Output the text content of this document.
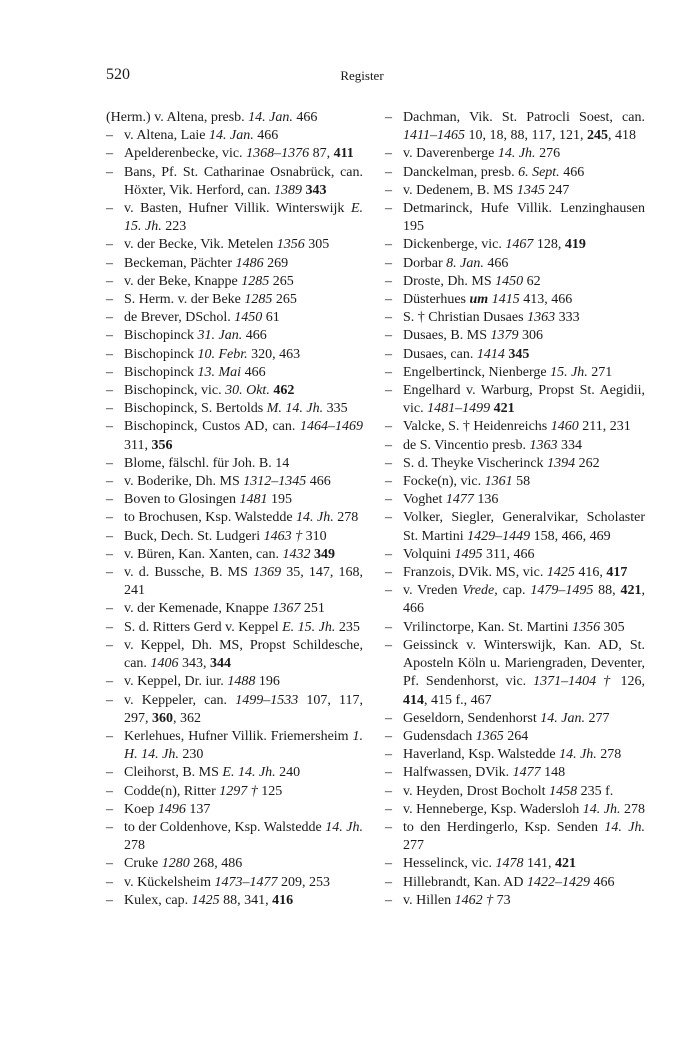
520	Register
(Herm.) v. Altena, presb. 14. Jan. 466
– v. Altena, Laie 14. Jan. 466
– Apelderenbecke, vic. 1368–1376 87, 411
– Bans, Pf. St. Catharinae Osnabrück, can. Höxter, Vik. Herford, can. 1389 343
– v. Basten, Hufner Villik. Winterswijk E. 15. Jh. 223
– v. der Becke, Vik. Metelen 1356 305
– Beckeman, Pächter 1486 269
– v. der Beke, Knappe 1285 265
– S. Herm. v. der Beke 1285 265
– de Brever, DSchol. 1450 61
– Bischopinck 31. Jan. 466
– Bischopinck 10. Febr. 320, 463
– Bischopinck 13. Mai 466
– Bischopinck, vic. 30. Okt. 462
– Bischopinck, S. Bertolds M. 14. Jh. 335
– Bischopinck, Custos AD, can. 1464–1469 311, 356
– Blome, fälschl. für Joh. B. 14
– v. Boderike, Dh. MS 1312–1345 466
– Boven to Glosingen 1481 195
– to Brochusen, Ksp. Walstedde 14. Jh. 278
– Buck, Dech. St. Ludgeri 1463 † 310
– v. Büren, Kan. Xanten, can. 1432 349
– v. d. Bussche, B. MS 1369 35, 147, 168, 241
– v. der Kemenade, Knappe 1367 251
– S. d. Ritters Gerd v. Keppel E. 15. Jh. 235
– v. Keppel, Dh. MS, Propst Schildesche, can. 1406 343, 344
– v. Keppel, Dr. iur. 1488 196
– v. Keppeler, can. 1499–1533 107, 117, 297, 360, 362
– Kerlehues, Hufner Villik. Friemersheim 1. H. 14. Jh. 230
– Cleihorst, B. MS E. 14. Jh. 240
– Codde(n), Ritter 1297 † 125
– Koep 1496 137
– to der Coldenhove, Ksp. Walstedde 14. Jh. 278
– Cruke 1280 268, 486
– v. Kückelsheim 1473–1477 209, 253
– Kulex, cap. 1425 88, 341, 416
– Dachman, Vik. St. Patrocli Soest, can. 1411–1465 10, 18, 88, 117, 121, 245, 418
– v. Daverenberge 14. Jh. 276
– Danckelman, presb. 6. Sept. 466
– v. Dedenem, B. MS 1345 247
– Detmarinck, Hufe Villik. Lenzinghausen 195
– Dickenberge, vic. 1467 128, 419
– Dorbar 8. Jan. 466
– Droste, Dh. MS 1450 62
– Düsterhues um 1415 413, 466
– S. † Christian Dusaes 1363 333
– Dusaes, B. MS 1379 306
– Dusaes, can. 1414 345
– Engelbertinck, Nienberge 15. Jh. 271
– Engelhard v. Warburg, Propst St. Aegidii, vic. 1481–1499 421
– Valcke, S. † Heidenreichs 1460 211, 231
– de S. Vincentio presb. 1363 334
– S. d. Theyke Vischerinck 1394 262
– Focke(n), vic. 1361 58
– Voghet 1477 136
– Volker, Siegler, Generalvikar, Scholaster St. Martini 1429–1449 158, 466, 469
– Volquini 1495 311, 466
– Franzois, DVik. MS, vic. 1425 416, 417
– v. Vreden Vrede, cap. 1479–1495 88, 421, 466
– Vrilinctorpe, Kan. St. Martini 1356 305
– Geissinck v. Winterswijk, Kan. AD, St. Aposteln Köln u. Mariengraden, Deventer, Pf. Sendenhorst, vic. 1371–1404 † 126, 414, 415 f., 467
– Geseldorn, Sendenhorst 14. Jan. 277
– Gudensdach 1365 264
– Haverland, Ksp. Walstedde 14. Jh. 278
– Halfwassen, DVik. 1477 148
– v. Heyden, Drost Bocholt 1458 235 f.
– v. Henneberge, Ksp. Wadersloh 14. Jh. 278
– to den Herdingerlo, Ksp. Senden 14. Jh. 277
– Hesselinck, vic. 1478 141, 421
– Hillebrandt, Kan. AD 1422–1429 466
– v. Hillen 1462 † 73
